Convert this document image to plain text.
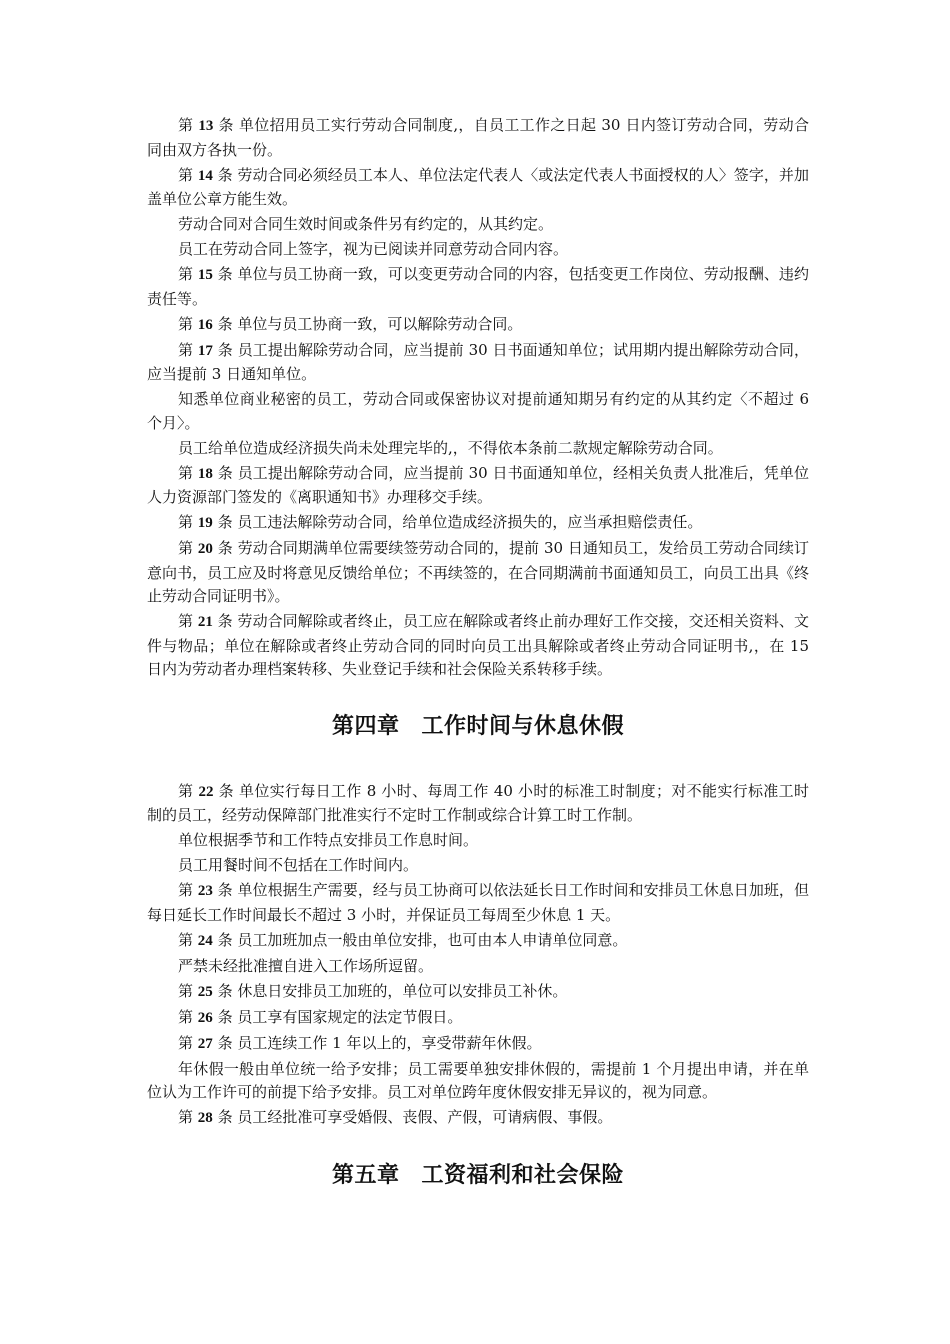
第 13 条 单位招用员工实行劳动合同制度,，自员工工作之日起 30 日内签订劳动合同，劳动合同由双方各执一份。

第 14 条 劳动合同必须经员工本人、单位法定代表人〈或法定代表人书面授权的人〉签字，并加盖单位公章方能生效。

劳动合同对合同生效时间或条件另有约定的，从其约定。

员工在劳动合同上签字，视为已阅读并同意劳动合同内容。

第 15 条 单位与员工协商一致，可以变更劳动合同的内容，包括变更工作岗位、劳动报酬、违约责任等。

第 16 条 单位与员工协商一致，可以解除劳动合同。

第 17 条 员工提出解除劳动合同，应当提前 30 日书面通知单位；试用期内提出解除劳动合同，应当提前 3 日通知单位。

知悉单位商业秘密的员工，劳动合同或保密协议对提前通知期另有约定的从其约定〈不超过 6 个月〉。

员工给单位造成经济损失尚未处理完毕的,，不得依本条前二款规定解除劳动合同。

第 18 条 员工提出解除劳动合同，应当提前 30 日书面通知单位，经相关负责人批准后，凭单位人力资源部门签发的《离职通知书》办理移交手续。

第 19 条 员工违法解除劳动合同，给单位造成经济损失的，应当承担赔偿责任。

第 20 条 劳动合同期满单位需要续签劳动合同的，提前 30 日通知员工，发给员工劳动合同续订意向书，员工应及时将意见反馈给单位；不再续签的，在合同期满前书面通知员工，向员工出具《终止劳动合同证明书》。

第 21 条 劳动合同解除或者终止，员工应在解除或者终止前办理好工作交接，交还相关资料、文件与物品；单位在解除或者终止劳动合同的同时向员工出具解除或者终止劳动合同证明书,，在 15 日内为劳动者办理档案转移、失业登记手续和社会保险关系转移手续。

第四章 工作时间与休息休假

第 22 条 单位实行每日工作 8 小时、每周工作 40 小时的标准工时制度；对不能实行标准工时制的员工，经劳动保障部门批准实行不定时工作制或综合计算工时工作制。

单位根据季节和工作特点安排员工作息时间。

员工用餐时间不包括在工作时间内。

第 23 条 单位根据生产需要，经与员工协商可以依法延长日工作时间和安排员工休息日加班，但每日延长工作时间最长不超过 3 小时，并保证员工每周至少休息 1 天。

第 24 条 员工加班加点一般由单位安排，也可由本人申请单位同意。

严禁未经批准擅自进入工作场所逗留。

第 25 条 休息日安排员工加班的，单位可以安排员工补休。

第 26 条 员工享有国家规定的法定节假日。

第 27 条 员工连续工作 1 年以上的，享受带薪年休假。

年休假一般由单位统一给予安排；员工需要单独安排休假的，需提前 1 个月提出申请，并在单位认为工作许可的前提下给予安排。员工对单位跨年度休假安排无异议的，视为同意。

第 28 条 员工经批准可享受婚假、丧假、产假，可请病假、事假。

第五章 工资福利和社会保险
